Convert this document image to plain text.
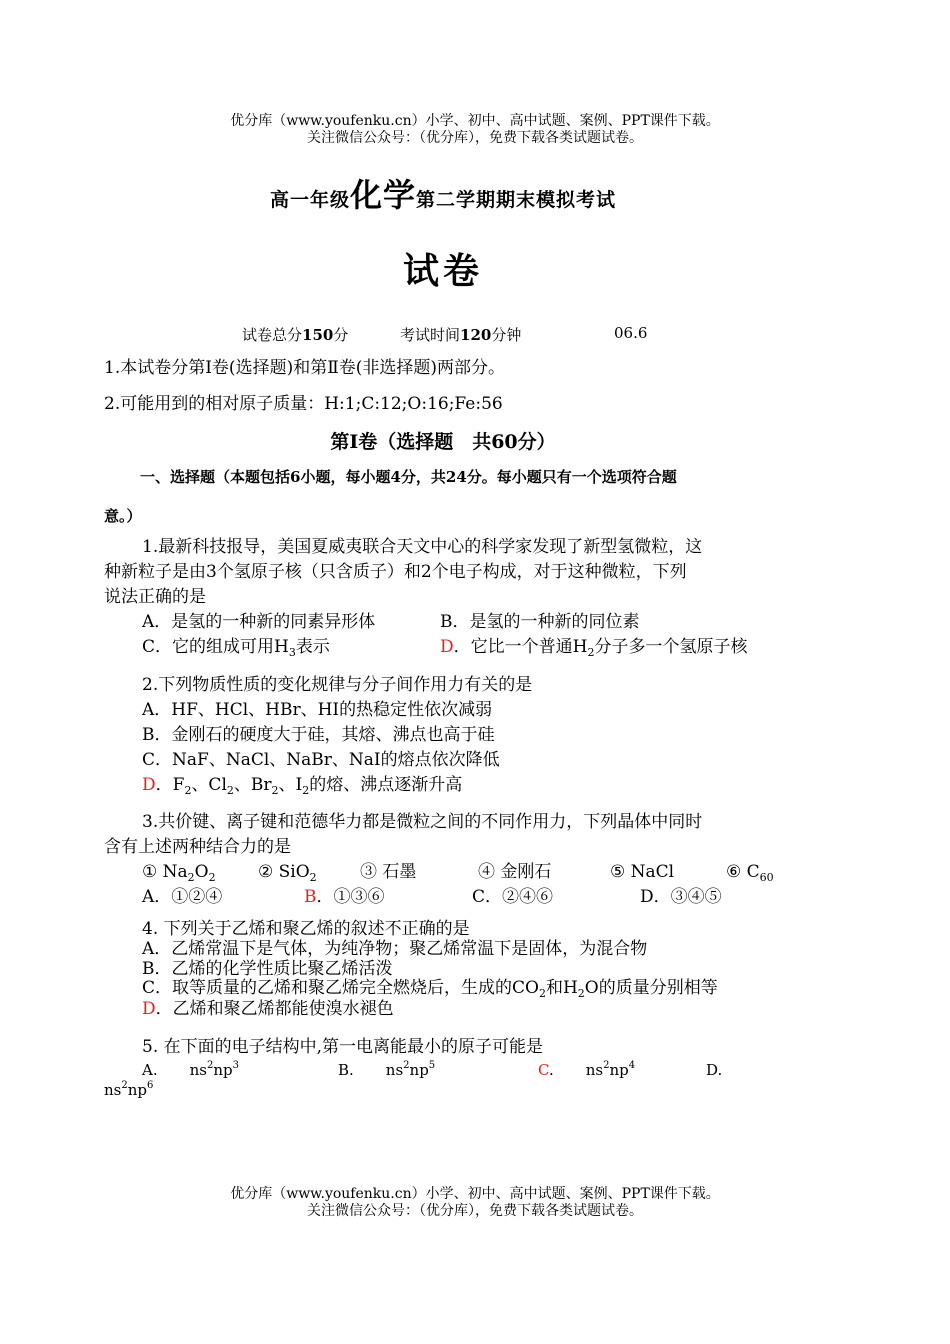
优分库（www.youfenku.cn）小学、初中、高中试题、案例、PPT课件下载。
关注微信公众号：（优分库），免费下载各类试题试卷。
高一年级化学第二学期期末模拟考试
试卷
试卷总分150分	考试时间120分钟	06.6
1.本试卷分第Ⅰ卷(选择题)和第Ⅱ卷(非选择题)两部分。
2.可能用到的相对原子质量：H:1;C:12;O:16;Fe:56
第Ⅰ卷（选择题　共60分）
一、选择题（本题包括6小题，每小题4分，共24分。每小题只有一个选项符合题
意。）
1.最新科技报导，美国夏威夷联合天文中心的科学家发现了新型氢微粒，这
种新粒子是由3个氢原子核（只含质子）和2个电子构成，对于这种微粒，下列
说法正确的是
A．是氢的一种新的同素异形体	B．是氢的一种新的同位素
C．它的组成可用$H_3$表示	D．它比一个普通$H_2$分子多一个氢原子核
2.下列物质性质的变化规律与分子间作用力有关的是
A．HF、HCl、HBr、HI的热稳定性依次减弱
B．金刚石的硬度大于硅，其熔、沸点也高于硅
C．NaF、NaCl、NaBr、NaI的熔点依次降低
D．$F_2$、$Cl_2$、$Br_2$、$I_2$的熔、沸点逐渐升高
3.共价键、离子键和范德华力都是微粒之间的不同作用力，下列晶体中同时
含有上述两种结合力的是
① $Na_2O_2$ ② SiO$_2$	③ 石墨	④ 金刚石	⑤ NaCl	⑥ $C_{60}$
A．①②④	B．①③⑥	C．②④⑥	D．③④⑤
4. 下列关于乙烯和聚乙烯的叙述不正确的是
A．乙烯常温下是气体，为纯净物；聚乙烯常温下是固体，为混合物
B．乙烯的化学性质比聚乙烯活泼
C．取等质量的乙烯和聚乙烯完全燃烧后，生成的$CO_2$和$H_2O$的质量分别相等
D．乙烯和聚乙烯都能使溴水褪色
5. 在下面的电子结构中,第一电离能最小的原子可能是
A. $ns^2np^3$	B. $ns^2np^5$	C. $ns^2np^4$	D.
$ns^2np^6$
优分库（www.youfenku.cn）小学、初中、高中试题、案例、PPT课件下载。
关注微信公众号：（优分库），免费下载各类试题试卷。
